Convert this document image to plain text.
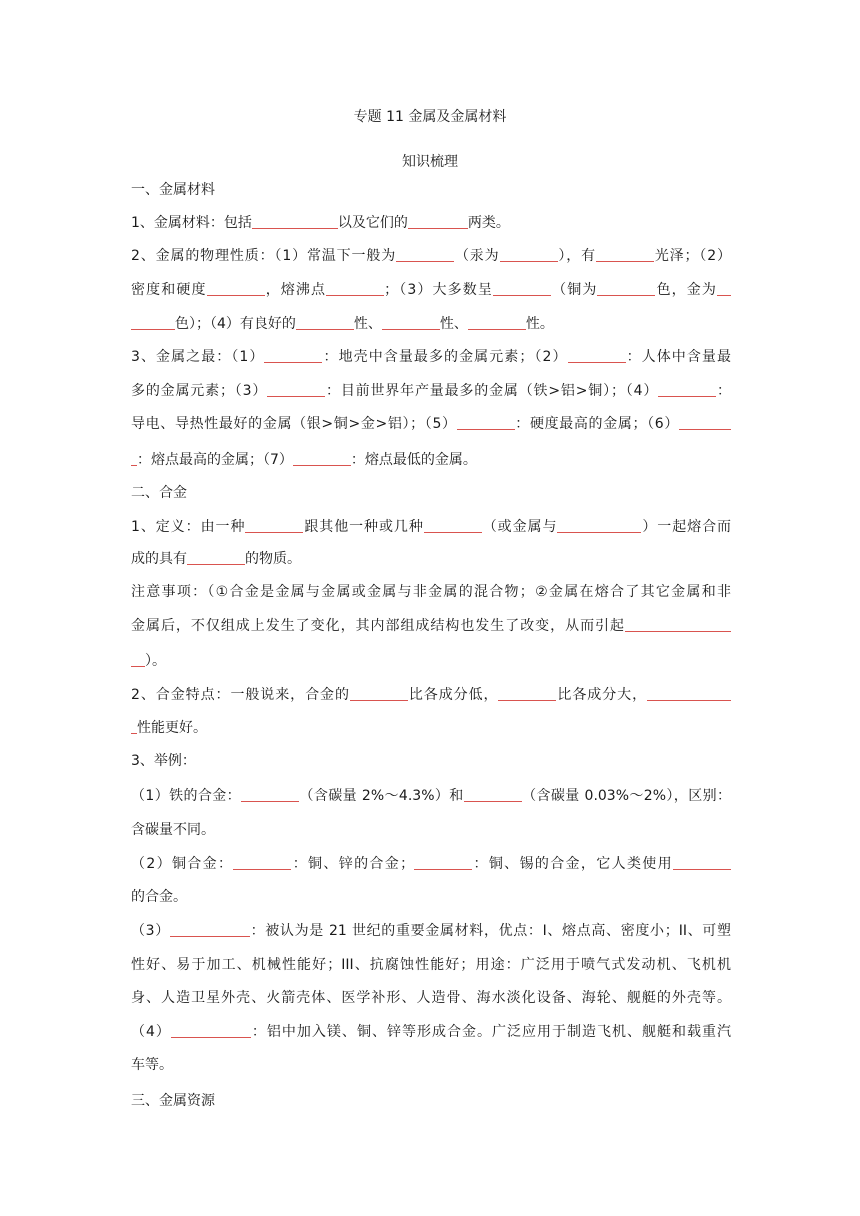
专题 11 金属及金属材料
知识梳理
一、金属材料
1、金属材料：包括	以及它们的	两类。
2、金属的物理性质：（1）常温下一般为	（汞为	），有	光泽；（2）
密度和硬度	，熔沸点	；（3）大多数呈	（铜为	色，金为
色）；（4）有良好的	性、	性、	性。
3、金属之最：（1）	：地壳中含量最多的金属元素；（2）	：人体中含量最
多的金属元素；（3）	：目前世界年产量最多的金属（铁>铝>铜）；（4）	：
导电、导热性最好的金属（银>铜>金>铝）；（5）	：硬度最高的金属；（6）
：熔点最高的金属；（7）	：熔点最低的金属。
二、合金
1、定义：由一种	跟其他一种或几种	（或金属与	）一起熔合而
成的具有	的物质。
注意事项：（①合金是金属与金属或金属与非金属的混合物；②金属在熔合了其它金属和非
金属后，不仅组成上发生了变化，其内部组成结构也发生了改变，从而引起
）。
2、合金特点：一般说来，合金的	比各成分低，	比各成分大，
性能更好。
3、举例：
（1）铁的合金：	（含碳量 2%～4.3%）和	（含碳量 0.03%～2%），区别：
含碳量不同。
（2）铜合金：	：铜、锌的合金；	：铜、锡的合金，它人类使用
的合金。
（3）	：被认为是 21 世纪的重要金属材料，优点：I、熔点高、密度小；II、可塑
性好、易于加工、机械性能好；III、抗腐蚀性能好；用途：广泛用于喷气式发动机、飞机机
身、人造卫星外壳、火箭壳体、医学补形、人造骨、海水淡化设备、海轮、舰艇的外壳等。
（4）	：铝中加入镁、铜、锌等形成合金。广泛应用于制造飞机、舰艇和载重汽
车等。
三、金属资源
